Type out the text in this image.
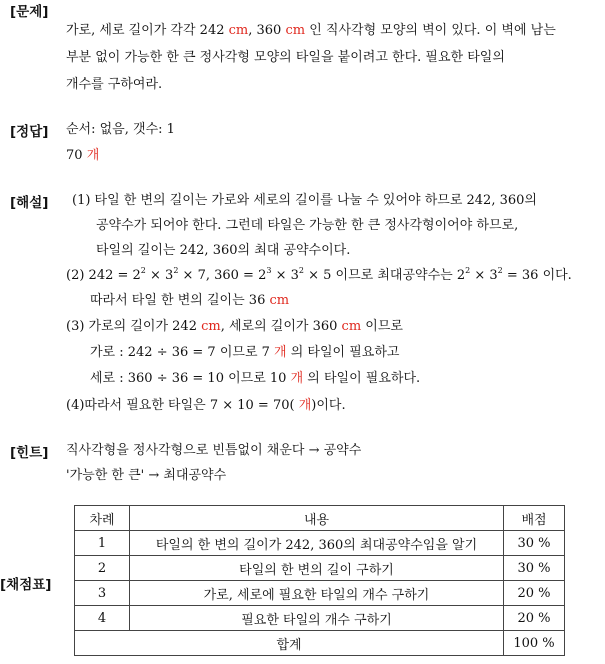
[문제]
가로, 세로 길이가 각각 242 cm, 360 cm 인 직사각형 모양의 벽이 있다. 이 벽에 남는
부분 없이 가능한 한 큰 정사각형 모양의 타일을 붙이려고 한다. 필요한 타일의
개수를 구하여라.
[정답] 순서: 없음, 갯수: 1
70 개
[해설] (1) 타일 한 변의 길이는 가로와 세로의 길이를 나눌 수 있어야 하므로 242, 360의
공약수가 되어야 한다. 그런데 타일은 가능한 한 큰 정사각형이어야 하므로,
타일의 길이는 242, 360의 최대 공약수이다.
(2) $242 = 2^2 \times 3^2 \times 7$, $360 = 2^3 \times 3^2 \times 5$ 이므로 최대공약수는 $2^2 \times 3^2 = 36$ 이다.
따라서 타일 한 변의 길이는 36 cm
(3) 가로의 길이가 242 cm, 세로의 길이가 360 cm 이므로
가로 : 242 ÷ 36 = 7 이므로 7 개 의 타일이 필요하고
세로 : 360 ÷ 36 = 10 이므로 10 개 의 타일이 필요하다.
(4)따라서 필요한 타일은 7 × 10 = 70( 개)이다.
[힌트] 직사각형을 정사각형으로 빈틈없이 채운다 → 공약수
'가능한 한 큰' → 최대공약수
[채점표]
차례	내용	배점
1	타일의 한 변의 길이가 242, 360의 최대공약수임을 알기	30 %
2	타일의 한 변의 길이 구하기	30 %
3	가로, 세로에 필요한 타일의 개수 구하기	20 %
4	필요한 타일의 개수 구하기	20 %
합계		100 %
